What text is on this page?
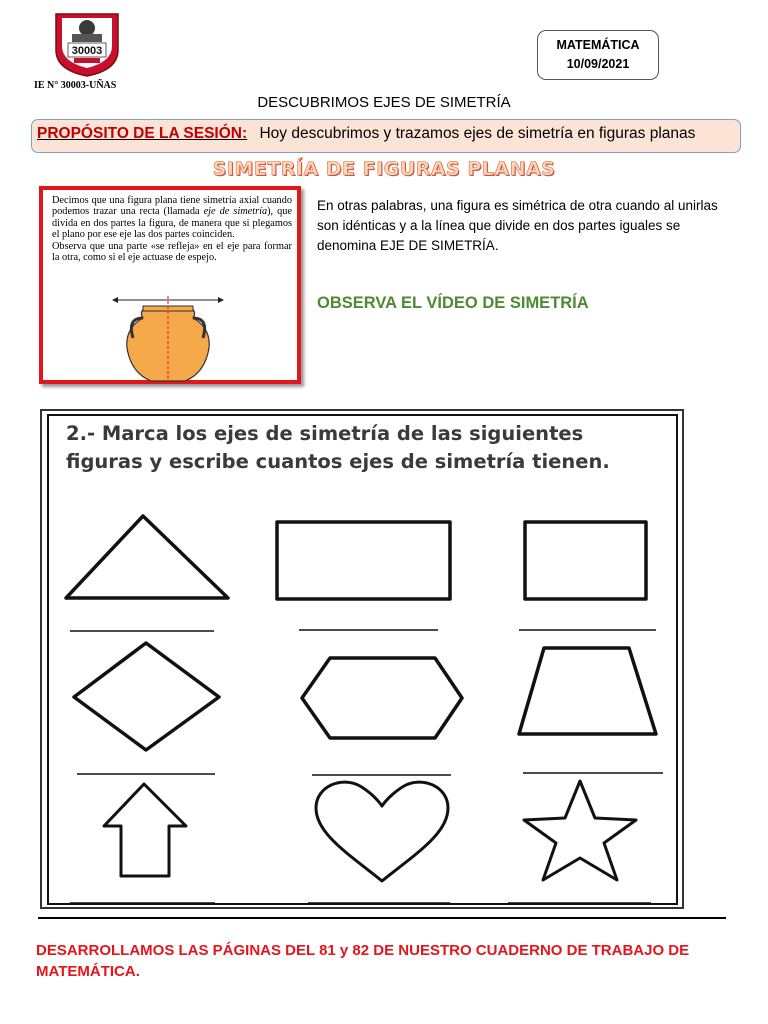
30003
IE N° 30003-UÑAS
MATEMÁTICA
10/09/2021
DESCUBRIMOS EJES DE SIMETRÍA
PROPÓSITO DE LA SESIÓN: Hoy descubrimos y trazamos ejes de simetría en figuras planas
SIMETRÍA DE FIGURAS PLANAS

Decimos que una figura plana tiene simetría axial cuando podemos trazar una recta (llamada eje de simetría), que divida en dos partes la figura, de manera que si plegamos el plano por ese eje las dos partes coinciden.

Observa que una parte «se refleja» en el eje para formar la otra, como si el eje actuase de espejo.

En otras palabras, una figura es simétrica de otra cuando al unirlas son idénticas y a la línea que divide en dos partes iguales se denomina EJE DE SIMETRÍA.
OBSERVA EL VÍDEO DE SIMETRÍA
2.- Marca los ejes de simetría de las siguientes figuras y escribe cuantos ejes de simetría tienen.
DESARROLLAMOS LAS PÁGINAS DEL 81 y 82 DE NUESTRO CUADERNO DE TRABAJO DE MATEMÁTICA.
